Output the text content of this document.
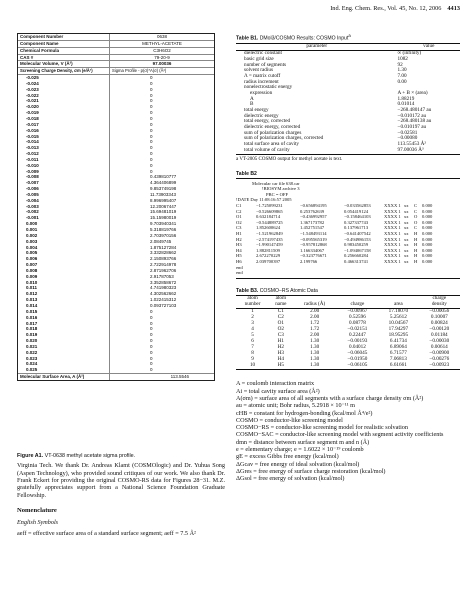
Ind. Eng. Chem. Res., Vol. 45, No. 12, 2006 4413
Component Number	0638
Component Name	METHYL-ACETATE
Chemical Formula	C3H6O2
CAS #	79-20-9
Molecular Volume, V (Å³)	97.00036
Screening Charge Density, σm (e/Å²)	Sigma Profile - p(σ)*A(σ) (Å²)
-0.025	0
-0.024	0
-0.023	0
-0.022	0
-0.021	0
-0.020	0
-0.019	0
-0.018	0
-0.017	0
-0.016	0
-0.015	0
-0.014	0
-0.013	0
-0.012	0
-0.011	0
-0.010	0
-0.009	0
-0.008	0.439810777
-0.007	4.364406899
-0.006	9.853749198
-0.005	11.73903343
-0.004	8.996995407
-0.003	12.20067447
-0.002	15.69481019
-0.001	15.15980019
0.000	9.703940341
0.001	5.318819766
0.002	2.703970156
0.003	2.0849745
0.004	1.875127284
0.005	3.332828662
0.006	2.150893766
0.007	2.722914978
0.008	2.871962706
0.009	2.91787053
0.010	3.352858672
0.011	4.741980323
0.012	4.302562662
0.013	1.022415312
0.014	0.093727103
0.015	0
0.016	0
0.017	0
0.018	0
0.019	0
0.020	0
0.021	0
0.022	0
0.023	0
0.024	0
0.025	0
Molecular Surface Area, A (Å²)	113.5546
Figure A1. VT-0638 methyl acetate sigma profile.

Virginia Tech. We thank Dr. Andreas Klamt (COSMOlogic) and Dr. Yuhua Song (Aspen Technology), who provided sound critiques of our work. We also thank Dr. Frank Eckert for providing the original COSMO-RS data for Figures 28−31. M.Z. gratefully appreciates support from a National Science Foundation Graduate Fellowship.

Nomenclature
English Symbols
aeff = effective surface area of a standard surface segment; aeff = 7.5 Å²
Table B1. DMol3/COSMO Results: COSMO Input$^a$
parameter	value
dielectric constant	∞ (infinity)
basic grid size	1082
number of segments	92
solvent radius	1.30
Λ = matrix cutoff	7.00
radius increment	0.00
nonelectrostatic energy	
expression	A + B × (area)
A	1.88219
B	0.01014
total energy	−268.480147 au
dielectric energy	−0.010172 au
total energy, corrected	−268.480138 au
dielectric energy, corrected	−0.010197 au
sum of polarization charges	−0.02581
sum of polarization charges, corrected	−0.00080
total surface area of cavity	113.55453 Å²
total volume of cavity	97.00036 Å³
a VT-2005 COSMO output for methyl acetate is text.
Table B2
Molecular car file 638.car
!BIOSYM archive 3
PBC = OFF
!DATE Day 11:08:16:57 2005
C1	−1.725099231	−0.656894195	−0.033562853	XXXX 1 xx	C	0.000
C2	−0.526609865	0.253762639	0.054419124	XXXX 1 xx	C	0.000
O1	0.632184714	−0.436992957	−0.158464103	XXXX 1 xx	O	0.000
O2	−0.544889725	1.367173782	0.327337743	XXXX 1 xx	O	0.000
C3	1.852600624	1.452751547	0.137961713	XXXX 1 xx	C	0.000
H1	−1.521962849	−1.548493114	−0.641407542	XXXX 1 xx	H	0.000
H2	−2.574197435	−0.095565319	−0.494986153	XXXX 1 xx	H	0.000
H3	−1.990147459	−0.957812868	0.983450259	XXXX 1 xx	H	0.000
H4	1.882811509	1.166334067	−1.094067158	XXXX 1 xx	H	0.000
H5	2.672270229	−0.323776671	0.256660284	XXXX 1 xx	H	0.000
H6	2.039700397	2.199766	0.466313741	XXXX 1 xx	H	0.000
end
end
Table B3. COSMO−RS Atomic Data
atom
number	atom
name	radius (Å)	charge	area	charge
density
1	C1	2.00	−0.00967	17.18070	−0.00056
2	C2	2.00	0.52596	5.25612	0.10007
3	O1	1.72	0.08778	10.04567	0.00824
4	O2	1.72	−0.02151	17.94297	−0.00120
5	C3	2.00	0.22447	18.95295	0.01184
6	H1	1.30	−0.00193	6.41734	−0.00030
7	H2	1.30	0.04012	6.89064	0.00614
8	H3	1.30	−0.06045	6.71577	−0.00900
9	H4	1.30	−0.01950	7.06813	−0.00276
10	H5	1.30	−0.06105	6.61661	−0.00923
A = coulomb interaction matrix
Ai = total cavity surface area (Å²)
A(σm) = surface area of all segments with a surface charge density σm (Å²)
au = atomic unit; Bohr radius, 5.2918 × 10⁻¹¹ m
cHB = constant for hydrogen-bonding (kcal/mol Å⁴/e²)
COSMO = conductor-like screening model
COSMO−RS = conductor-like screening model for realistic solvation
COSMO−SAC = conductor-like screening model with segment activity coefficients
dmn = distance between surface segment m and n (Å)
e = elementary charge; e = 1.6022 × 10⁻¹⁹ coulomb
gE = excess Gibbs free energy (kcal/mol)
ΔGcav = free energy of ideal solvation (kcal/mol)
ΔGres = free energy of surface charge restoration (kcal/mol)
ΔGsol = free energy of solvation (kcal/mol)
